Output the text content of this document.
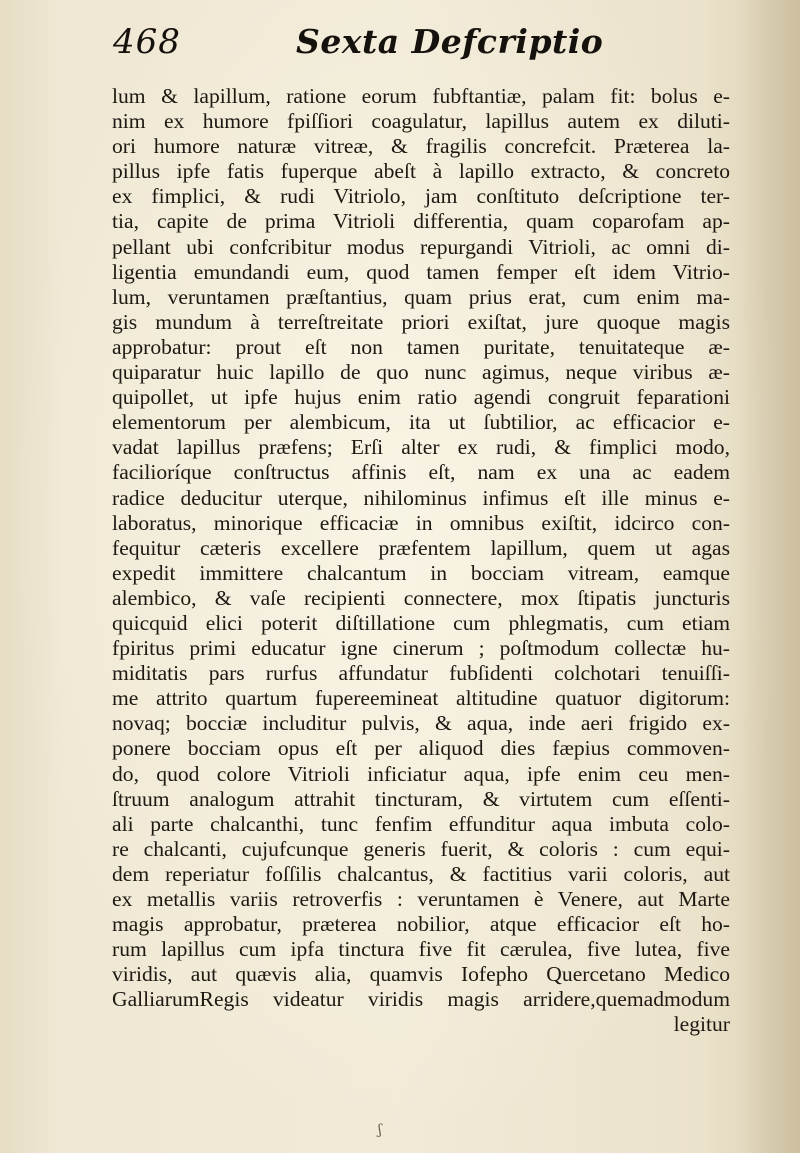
468	Sexta Defcriptio
lum & lapillum, ratione eorum fubftantiæ, palam fit: bolus e-
nim ex humore fpiſſiori coagulatur, lapillus autem ex diluti-
ori humore naturæ vitreæ, & fragilis concrefcit. Præterea la-
pillus ipfe fatis fuperque abeſt à lapillo extracto, & concreto
ex fimplici, & rudi Vitriolo, jam conſtituto deſcriptione ter-
tia, capite de prima Vitrioli differentia, quam coparofam ap-
pellant ubi confcribitur modus repurgandi Vitrioli, ac omni di-
ligentia emundandi eum, quod tamen femper eſt idem Vitrio-
lum, veruntamen præſtantius, quam prius erat, cum enim ma-
gis mundum à terreſtreitate priori exiſtat, jure quoque magis
approbatur: prout eſt non tamen puritate, tenuitateque æ-
quiparatur huic lapillo de quo nunc agimus, neque viribus æ-
quipollet, ut ipfe hujus enim ratio agendi congruit feparationi
elementorum per alembicum, ita ut ſubtilior, ac efficacior e-
vadat lapillus præfens; Erſi alter ex rudi, & fimplici modo,
facilioríque conſtructus affinis eſt, nam ex una ac eadem
radice deducitur uterque, nihilominus infimus eſt ille minus e-
laboratus, minorique efficaciæ in omnibus exiſtit, idcirco con-
fequitur cæteris excellere præfentem lapillum, quem ut agas
expedit immittere chalcantum in bocciam vitream, eamque
alembico, & vaſe recipienti connectere, mox ſtipatis juncturis
quicquid elici poterit diſtillatione cum phlegmatis, cum etiam
fpiritus primi educatur igne cinerum ; poſtmodum collectæ hu-
miditatis pars rurfus affundatur fubſidenti colchotari tenuiſſi-
me attrito quartum fupereemineat altitudine quatuor digitorum:
novaq; bocciæ includitur pulvis, & aqua, inde aeri frigido ex-
ponere bocciam opus eſt per aliquod dies fæpius commoven-
do, quod colore Vitrioli inficiatur aqua, ipfe enim ceu men-
ſtruum analogum attrahit tincturam, & virtutem cum eſſenti-
ali parte chalcanthi, tunc fenfim effunditur aqua imbuta colo-
re chalcanti, cujufcunque generis fuerit, & coloris : cum equi-
dem reperiatur foſſilis chalcantus, & factitius varii coloris, aut
ex metallis variis retroverfis : veruntamen è Venere, aut Marte
magis approbatur, præterea nobilior, atque efficacior eſt ho-
rum lapillus cum ipfa tinctura five fit cærulea, five lutea, five
viridis, aut quævis alia, quamvis Iofepho Quercetano Medico
GalliarumRegis videatur viridis magis arridere,quemadmodum
legitur
ʃ
